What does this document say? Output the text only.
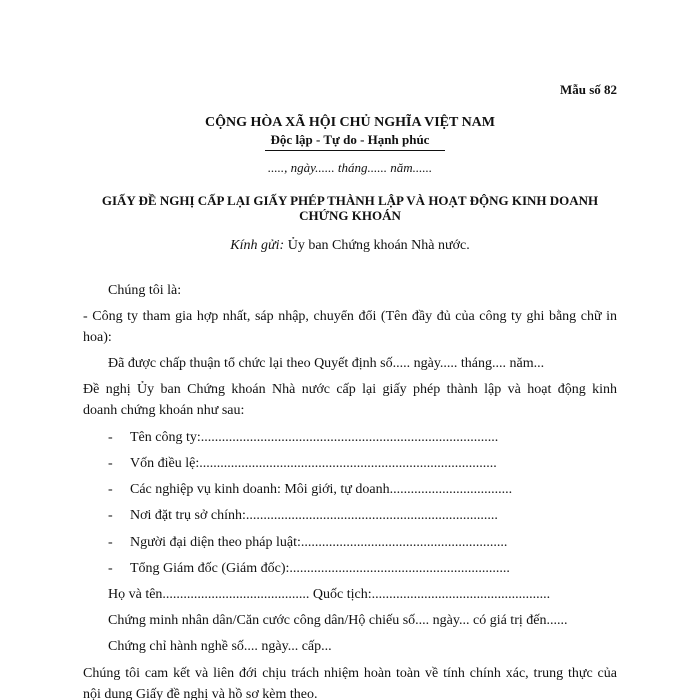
Mẫu số 82
CỘNG HÒA XÃ HỘI CHỦ NGHĨA VIỆT NAM
Độc lập - Tự do - Hạnh phúc
....., ngày...... tháng...... năm......
GIẤY ĐỀ NGHỊ CẤP LẠI GIẤY PHÉP THÀNH LẬP VÀ HOẠT ĐỘNG KINH DOANH
CHỨNG KHOÁN
Kính gửi: Ủy ban Chứng khoán Nhà nước.
Chúng tôi là:
- Công ty tham gia hợp nhất, sáp nhập, chuyển đổi (Tên đầy đủ của công ty ghi bằng chữ in
hoa):
Đã được chấp thuận tổ chức lại theo Quyết định số..... ngày..... tháng.... năm...
Đề nghị Ủy ban Chứng khoán Nhà nước cấp lại giấy phép thành lập và hoạt động kinh
doanh chứng khoán như sau:
- Tên công ty:.....................................................................................
- Vốn điều lệ:.....................................................................................
- Các nghiệp vụ kinh doanh: Môi giới, tự doanh...................................
- Nơi đặt trụ sở chính:........................................................................
- Người đại diện theo pháp luật:...........................................................
- Tổng Giám đốc (Giám đốc):...............................................................
Họ và tên.......................................... Quốc tịch:...................................................
Chứng minh nhân dân/Căn cước công dân/Hộ chiếu số.... ngày... có giá trị đến......
Chứng chỉ hành nghề số.... ngày... cấp...
Chúng tôi cam kết và liên đới chịu trách nhiệm hoàn toàn về tính chính xác, trung thực của
nội dung Giấy đề nghị và hồ sơ kèm theo.
